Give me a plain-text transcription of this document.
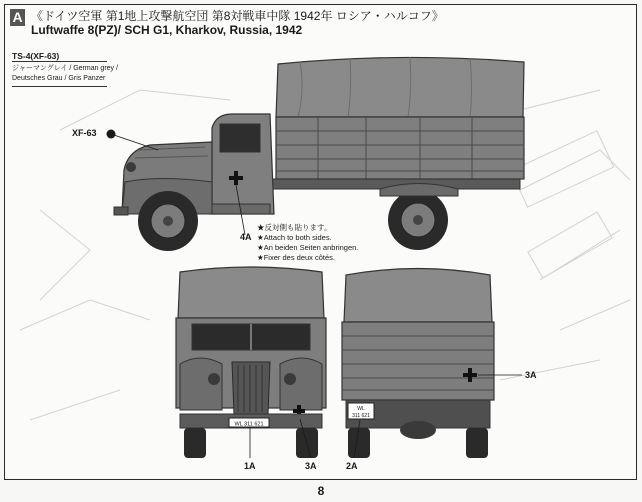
A 《ドイツ空軍 第1地上攻撃航空団 第8対戦車中隊 1942年 ロシア・ハルコフ》
Luftwaffe 8(PZ)/ SCH G1, Kharkov, Russia, 1942
TS-4(XF-63)
ジャーマングレイ / German grey /
Deutsches Grau / Gris Panzer
WL 311 621
WL
311 621
XF-63
4A
1A	3A
3A
2A
★反対側も貼ります。
★Attach to both sides.
★An beiden Seiten anbringen.
★Fixer des deux côtés.
8
